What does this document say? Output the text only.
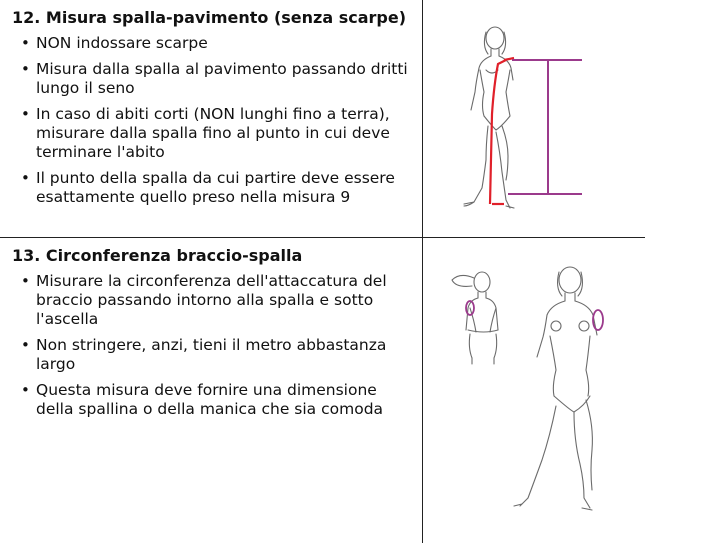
12. Misura spalla-pavimento (senza scarpe)
• NON indossare scarpe
• Misura dalla spalla al pavimento passando dritti lungo il seno
• In caso di abiti corti (NON lunghi fino a terra), misurare dalla spalla fino al punto in cui deve terminare l'abito
• Il punto della spalla da cui partire deve essere esattamente quello preso nella misura 9
13. Circonferenza braccio-spalla
• Misurare la circonferenza dell'attaccatura del braccio passando intorno alla spalla e sotto l'ascella
• Non stringere, anzi, tieni il metro abbastanza largo
• Questa misura deve fornire una dimensione della spallina o della manica che sia comoda
